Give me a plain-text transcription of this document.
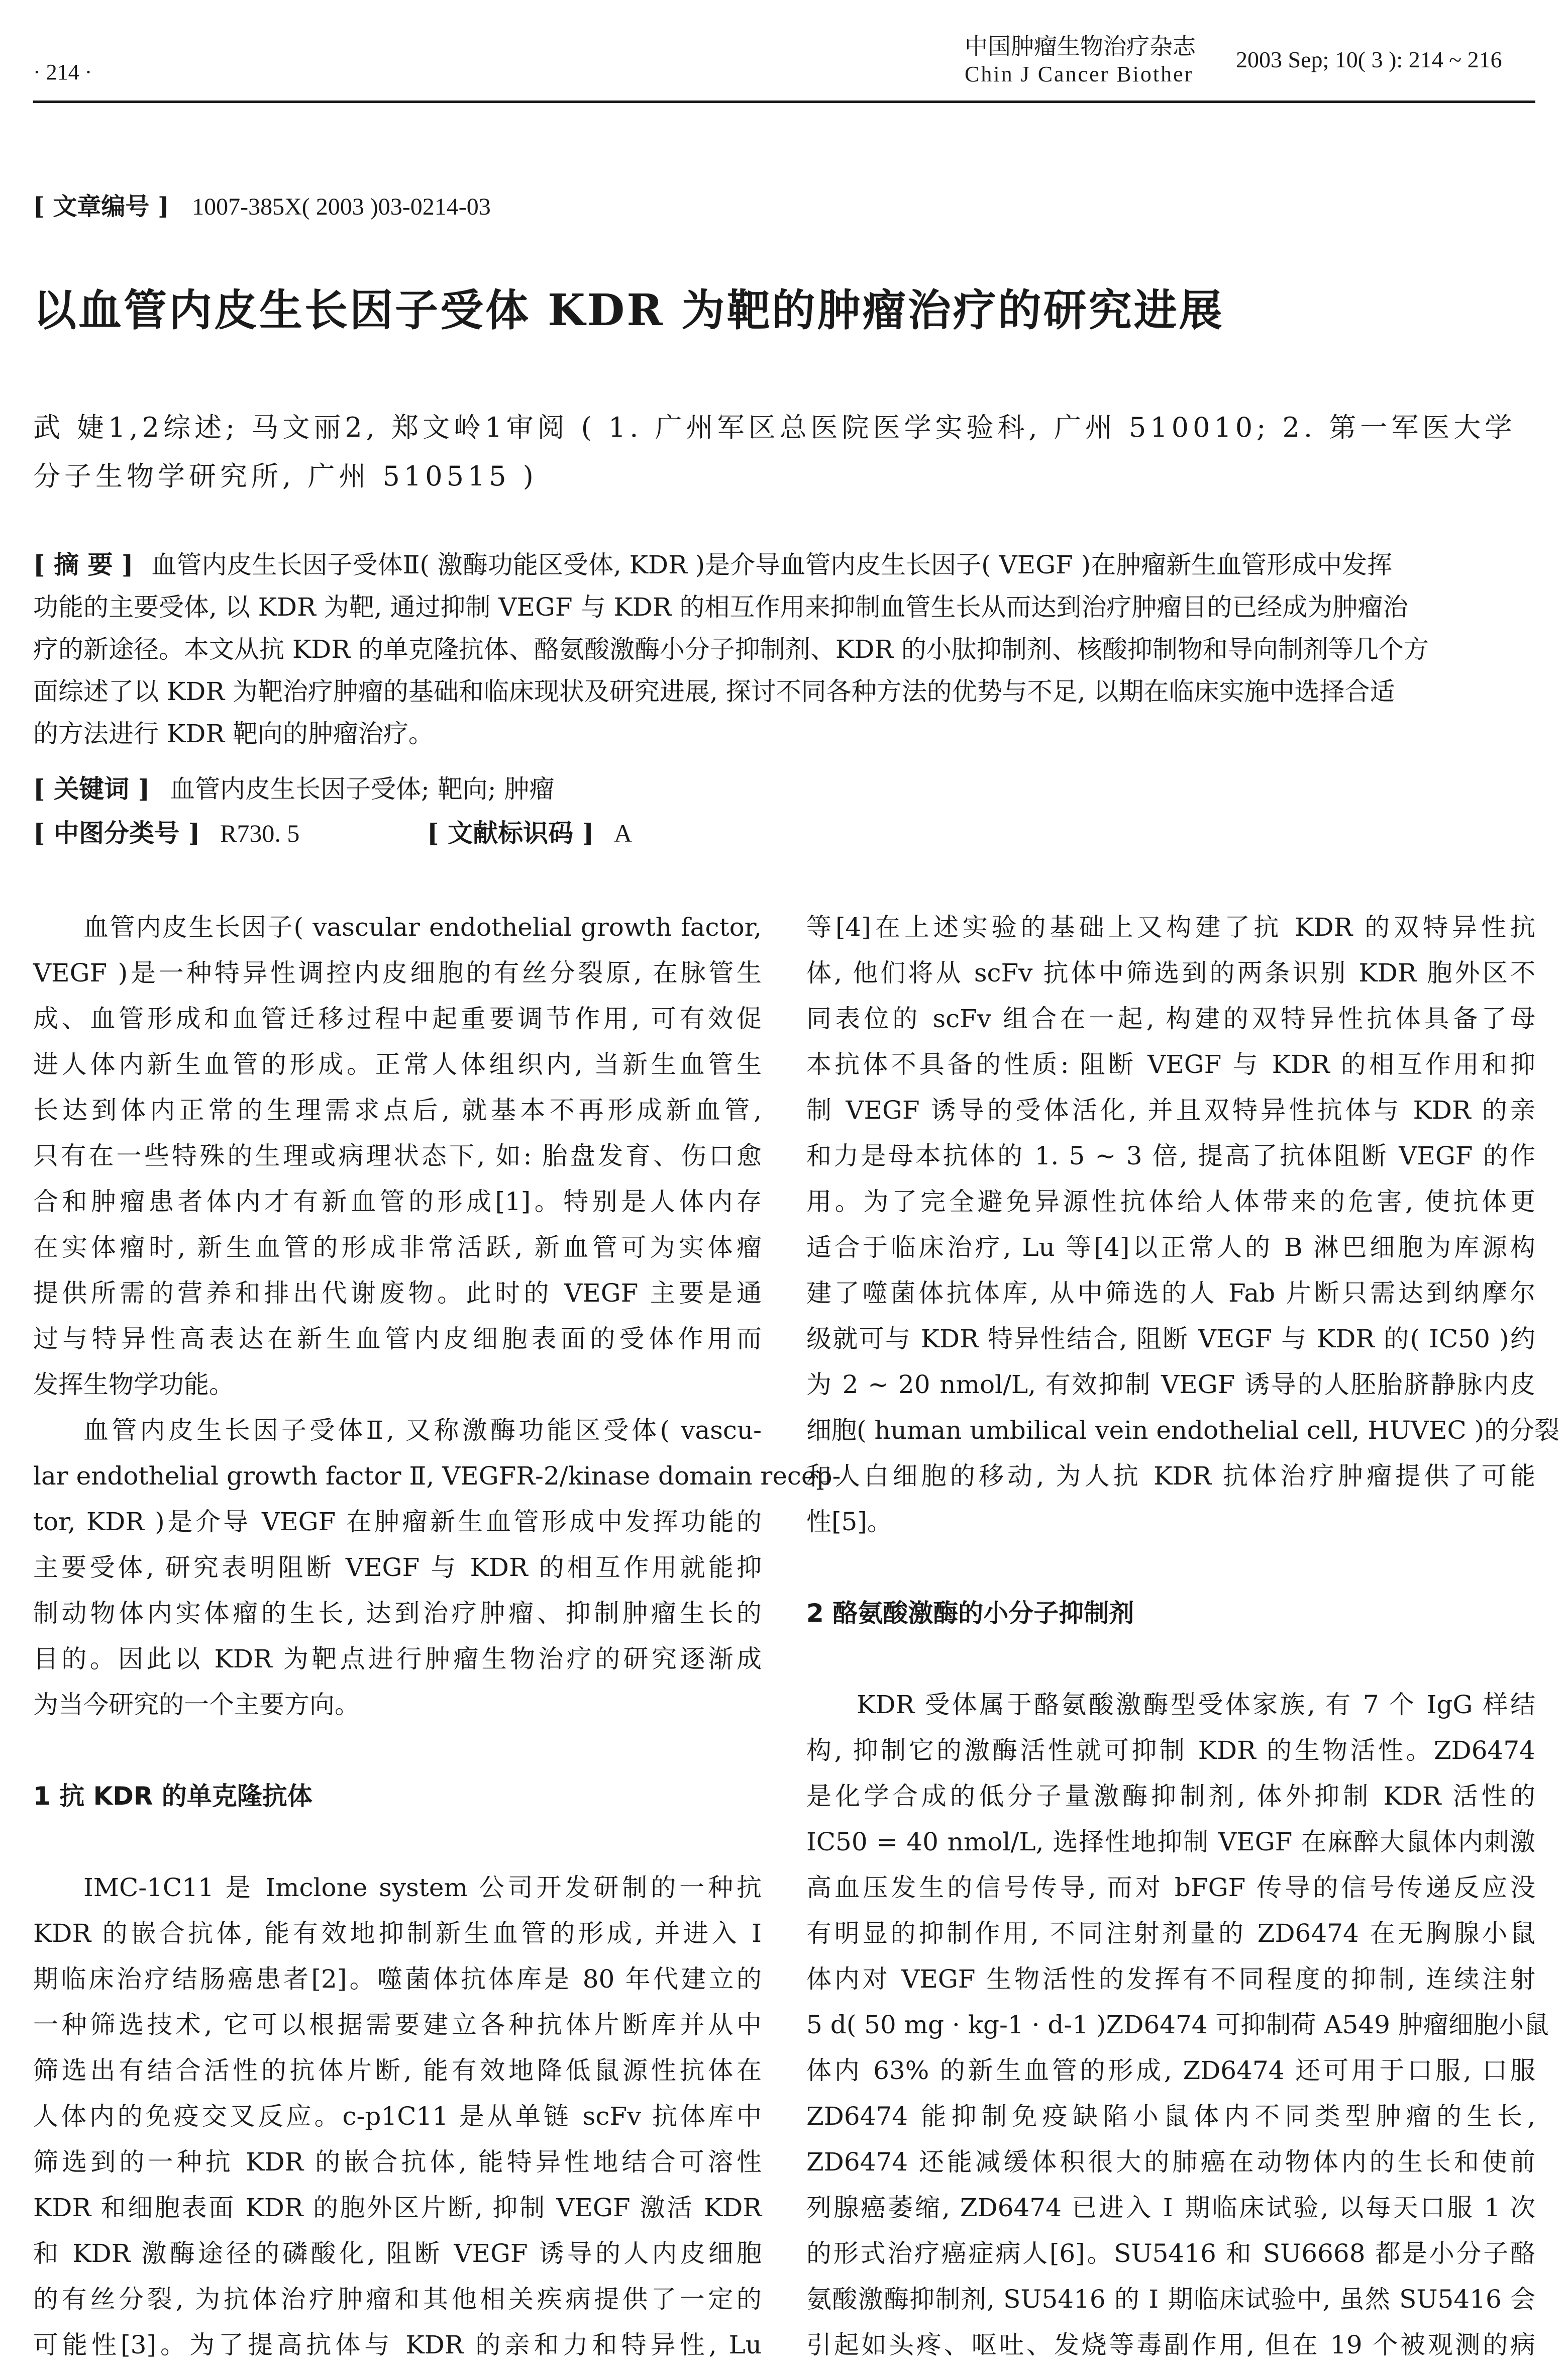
· 214 ·
中国肿瘤生物治疗杂志
Chin J Cancer Biother
2003 Sep; 10( 3 ): 214 ~ 216
[ 文章编号 ] 1007-385X( 2003 )03-0214-03
以血管内皮生长因子受体 KDR 为靶的肿瘤治疗的研究进展
武 婕1,2综述; 马文丽2, 郑文岭1审阅 ( 1. 广州军区总医院医学实验科, 广州 510010; 2. 第一军医大学
分子生物学研究所, 广州 510515 )
[ 摘 要 ] 血管内皮生长因子受体Ⅱ( 激酶功能区受体, KDR )是介导血管内皮生长因子( VEGF )在肿瘤新生血管形成中发挥
功能的主要受体, 以 KDR 为靶, 通过抑制 VEGF 与 KDR 的相互作用来抑制血管生长从而达到治疗肿瘤目的已经成为肿瘤治
疗的新途径。本文从抗 KDR 的单克隆抗体、酪氨酸激酶小分子抑制剂、KDR 的小肽抑制剂、核酸抑制物和导向制剂等几个方
面综述了以 KDR 为靶治疗肿瘤的基础和临床现状及研究进展, 探讨不同各种方法的优势与不足, 以期在临床实施中选择合适
的方法进行 KDR 靶向的肿瘤治疗。
[ 关键词 ] 血管内皮生长因子受体; 靶向; 肿瘤
[ 中图分类号 ] R730. 5	[ 文献标识码 ] A
血管内皮生长因子( vascular endothelial growth factor,
VEGF )是一种特异性调控内皮细胞的有丝分裂原, 在脉管生
成、血管形成和血管迁移过程中起重要调节作用, 可有效促
进人体内新生血管的形成。正常人体组织内, 当新生血管生
长达到体内正常的生理需求点后, 就基本不再形成新血管,
只有在一些特殊的生理或病理状态下, 如: 胎盘发育、伤口愈
合和肿瘤患者体内才有新血管的形成[1]。特别是人体内存
在实体瘤时, 新生血管的形成非常活跃, 新血管可为实体瘤
提供所需的营养和排出代谢废物。此时的 VEGF 主要是通
过与特异性高表达在新生血管内皮细胞表面的受体作用而
发挥生物学功能。
血管内皮生长因子受体Ⅱ, 又称激酶功能区受体( vascu-
lar endothelial growth factor Ⅱ, VEGFR-2/kinase domain recep-
tor, KDR )是介导 VEGF 在肿瘤新生血管形成中发挥功能的
主要受体, 研究表明阻断 VEGF 与 KDR 的相互作用就能抑
制动物体内实体瘤的生长, 达到治疗肿瘤、抑制肿瘤生长的
目的。因此以 KDR 为靶点进行肿瘤生物治疗的研究逐渐成
为当今研究的一个主要方向。
1 抗 KDR 的单克隆抗体
IMC-1C11 是 Imclone system 公司开发研制的一种抗
KDR 的嵌合抗体, 能有效地抑制新生血管的形成, 并进入 Ⅰ
期临床治疗结肠癌患者[2]。噬菌体抗体库是 80 年代建立的
一种筛选技术, 它可以根据需要建立各种抗体片断库并从中
筛选出有结合活性的抗体片断, 能有效地降低鼠源性抗体在
人体内的免疫交叉反应。c-p1C11 是从单链 scFv 抗体库中
筛选到的一种抗 KDR 的嵌合抗体, 能特异性地结合可溶性
KDR 和细胞表面 KDR 的胞外区片断, 抑制 VEGF 激活 KDR
和 KDR 激酶途径的磷酸化, 阻断 VEGF 诱导的人内皮细胞
的有丝分裂, 为抗体治疗肿瘤和其他相关疾病提供了一定的
可能性[3]。为了提高抗体与 KDR 的亲和力和特异性, Lu
等[4]在上述实验的基础上又构建了抗 KDR 的双特异性抗
体, 他们将从 scFv 抗体中筛选到的两条识别 KDR 胞外区不
同表位的 scFv 组合在一起, 构建的双特异性抗体具备了母
本抗体不具备的性质: 阻断 VEGF 与 KDR 的相互作用和抑
制 VEGF 诱导的受体活化, 并且双特异性抗体与 KDR 的亲
和力是母本抗体的 1. 5 ~ 3 倍, 提高了抗体阻断 VEGF 的作
用。为了完全避免异源性抗体给人体带来的危害, 使抗体更
适合于临床治疗, Lu 等[4]以正常人的 B 淋巴细胞为库源构
建了噬菌体抗体库, 从中筛选的人 Fab 片断只需达到纳摩尔
级就可与 KDR 特异性结合, 阻断 VEGF 与 KDR 的( IC50 )约
为 2 ~ 20 nmol/L, 有效抑制 VEGF 诱导的人胚胎脐静脉内皮
细胞( human umbilical vein endothelial cell, HUVEC )的分裂
和人白细胞的移动, 为人抗 KDR 抗体治疗肿瘤提供了可能
性[5]。
2 酪氨酸激酶的小分子抑制剂
KDR 受体属于酪氨酸激酶型受体家族, 有 7 个 IgG 样结
构, 抑制它的激酶活性就可抑制 KDR 的生物活性。ZD6474
是化学合成的低分子量激酶抑制剂, 体外抑制 KDR 活性的
IC50 = 40 nmol/L, 选择性地抑制 VEGF 在麻醉大鼠体内刺激
高血压发生的信号传导, 而对 bFGF 传导的信号传递反应没
有明显的抑制作用, 不同注射剂量的 ZD6474 在无胸腺小鼠
体内对 VEGF 生物活性的发挥有不同程度的抑制, 连续注射
5 d( 50 mg · kg-1 · d-1 )ZD6474 可抑制荷 A549 肿瘤细胞小鼠
体内 63% 的新生血管的形成, ZD6474 还可用于口服, 口服
ZD6474 能抑制免疫缺陷小鼠体内不同类型肿瘤的生长,
ZD6474 还能减缓体积很大的肺癌在动物体内的生长和使前
列腺癌萎缩, ZD6474 已进入 Ⅰ 期临床试验, 以每天口服 1 次
的形式治疗癌症病人[6]。SU5416 和 SU6668 都是小分子酪
氨酸激酶抑制剂, SU5416 的 Ⅰ 期临床试验中, 虽然 SU5416 会
引起如头疼、呕吐、发烧等毒副作用, 但在 19 个被观测的病
